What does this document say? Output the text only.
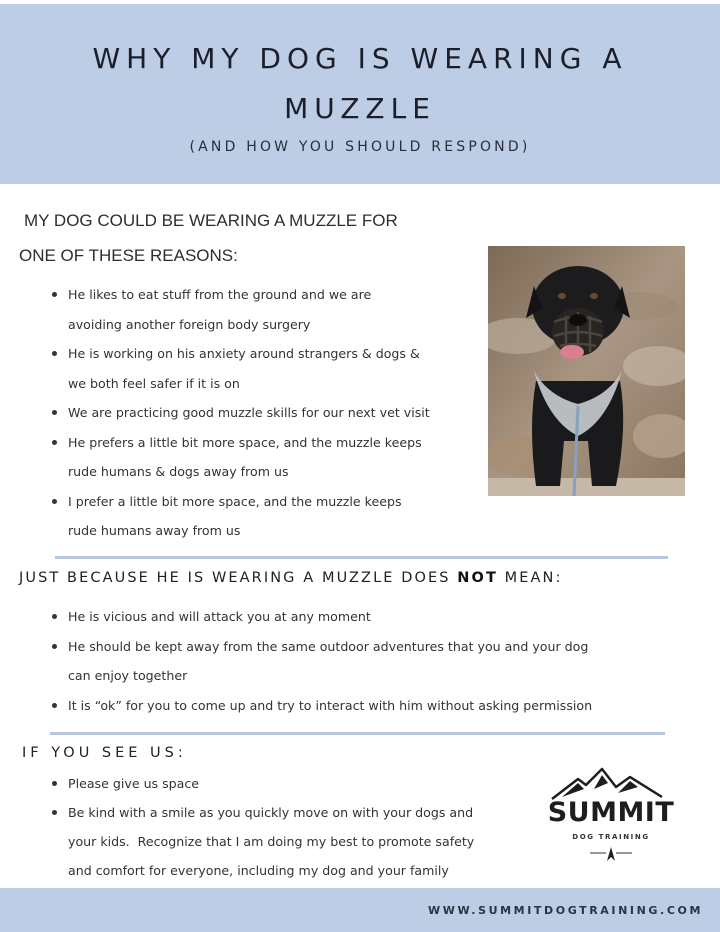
WHY MY DOG IS WEARING A
MUZZLE
(AND HOW YOU SHOULD RESPOND)
MY DOG COULD BE WEARING A MUZZLE FOR
ONE OF THESE REASONS:
He likes to eat stuff from the ground and we are
avoiding another foreign body surgery
He is working on his anxiety around strangers & dogs &
we both feel safer if it is on
We are practicing good muzzle skills for our next vet visit
He prefers a little bit more space, and the muzzle keeps
rude humans & dogs away from us
I prefer a little bit more space, and the muzzle keeps
rude humans away from us
JUST BECAUSE HE IS WEARING A MUZZLE DOES NOT MEAN:
He is vicious and will attack you at any moment
He should be kept away from the same outdoor adventures that you and your dog
can enjoy together
It is “ok” for you to come up and try to interact with him without asking permission
IF YOU SEE US:
Please give us space
Be kind with a smile as you quickly move on with your dogs and
your kids.  Recognize that I am doing my best to promote safety
and comfort for everyone, including my dog and your family
SUMMIT
DOG TRAINING
WWW.SUMMITDOGTRAINING.COM
